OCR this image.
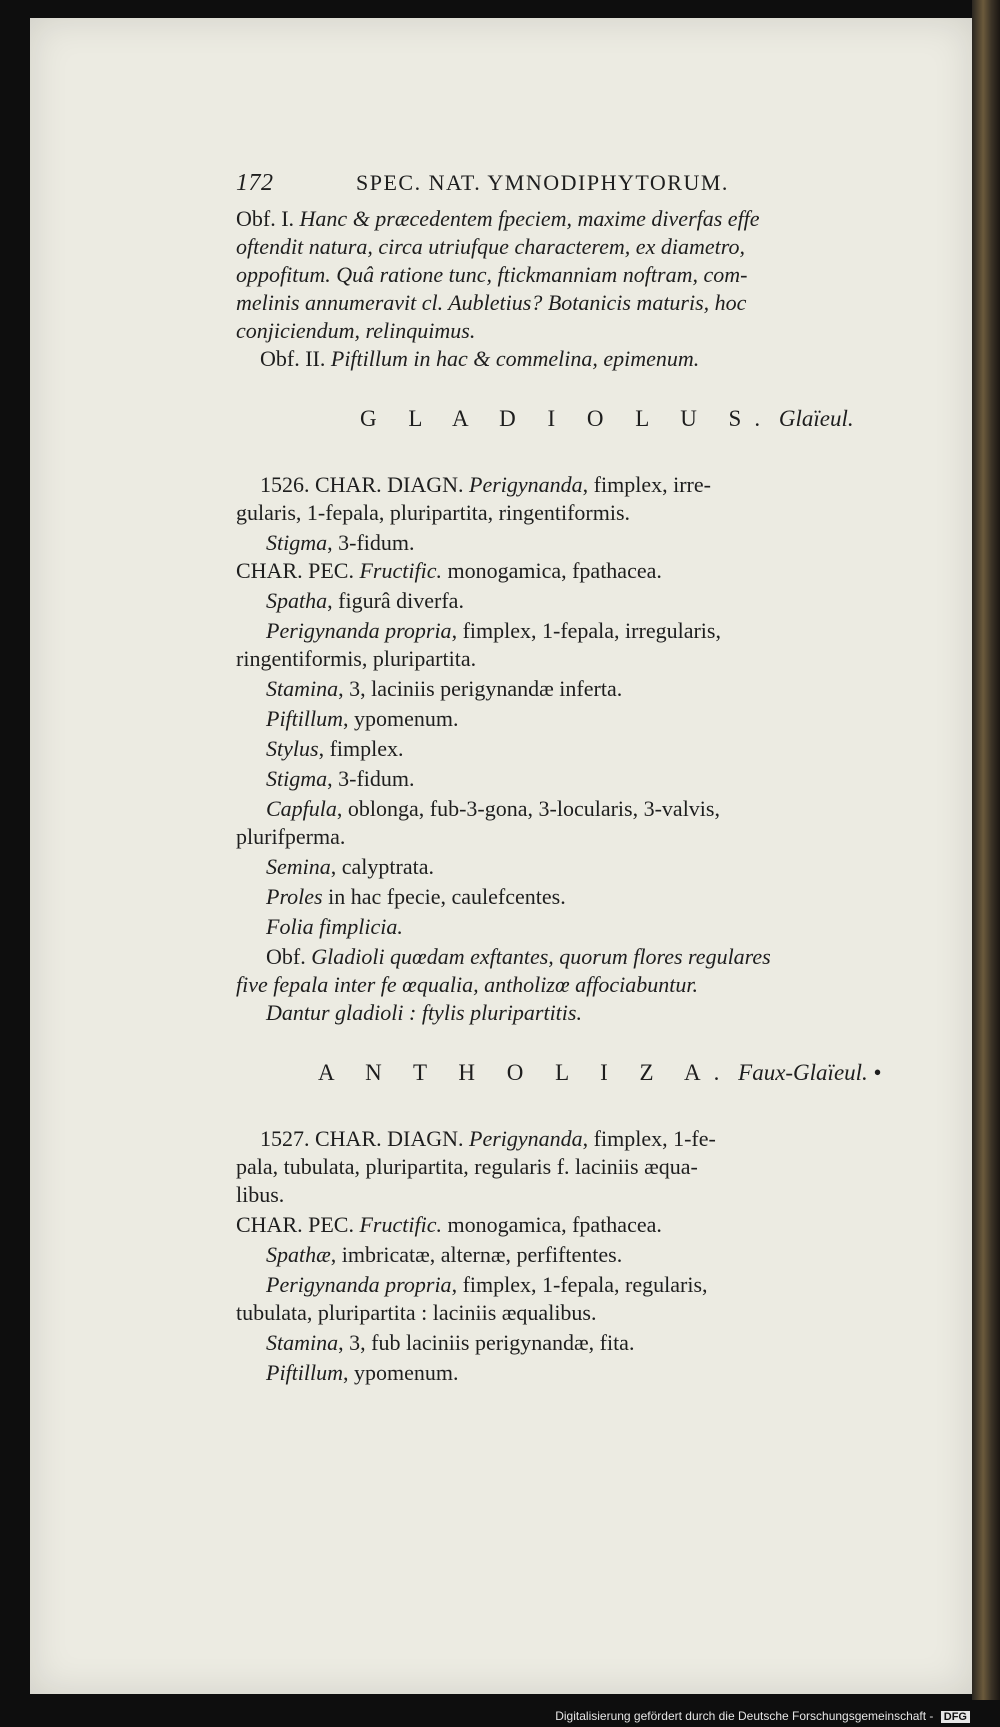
172	SPEC. NAT. YMNODIPHYTORUM.
Obf. I. Hanc & præcedentem fpeciem, maxime diverfas effe
oftendit natura, circa utriufque characterem, ex diametro,
oppofitum. Quâ ratione tunc, ftickmanniam noftram, com-
melinis annumeravit cl. Aubletius? Botanicis maturis, hoc
conjiciendum, relinquimus.
Obf. II. Piftillum in hac & commelina, epimenum.
G L A D I O L U S. Glaïeul.
1526. CHAR. DIAGN. Perigynanda, fimplex, irre-
gularis, 1-fepala, pluripartita, ringentiformis.
Stigma, 3-fidum.
CHAR. PEC. Fructific. monogamica, fpathacea.
Spatha, figurâ diverfa.
Perigynanda propria, fimplex, 1-fepala, irregularis,
ringentiformis, pluripartita.
Stamina, 3, laciniis perigynandæ inferta.
Piftillum, ypomenum.
Stylus, fimplex.
Stigma, 3-fidum.
Capfula, oblonga, fub-3-gona, 3-locularis, 3-valvis,
plurifperma.
Semina, calyptrata.
Proles in hac fpecie, caulefcentes.
Folia fimplicia.
Obf. Gladioli quœdam exftantes, quorum flores regulares
five fepala inter fe œqualia, antholizœ affociabuntur.
Dantur gladioli : ftylis pluripartitis.
A N T H O L I Z A. Faux-Glaïeul. •
1527. CHAR. DIAGN. Perigynanda, fimplex, 1-fe-
pala, tubulata, pluripartita, regularis f. laciniis æqua-
libus.
CHAR. PEC. Fructific. monogamica, fpathacea.
Spathæ, imbricatæ, alternæ, perfiftentes.
Perigynanda propria, fimplex, 1-fepala, regularis,
tubulata, pluripartita : laciniis æqualibus.
Stamina, 3, fub laciniis perigynandæ, fita.
Piftillum, ypomenum.
Digitalisierung gefördert durch die Deutsche Forschungsgemeinschaft - DFG
